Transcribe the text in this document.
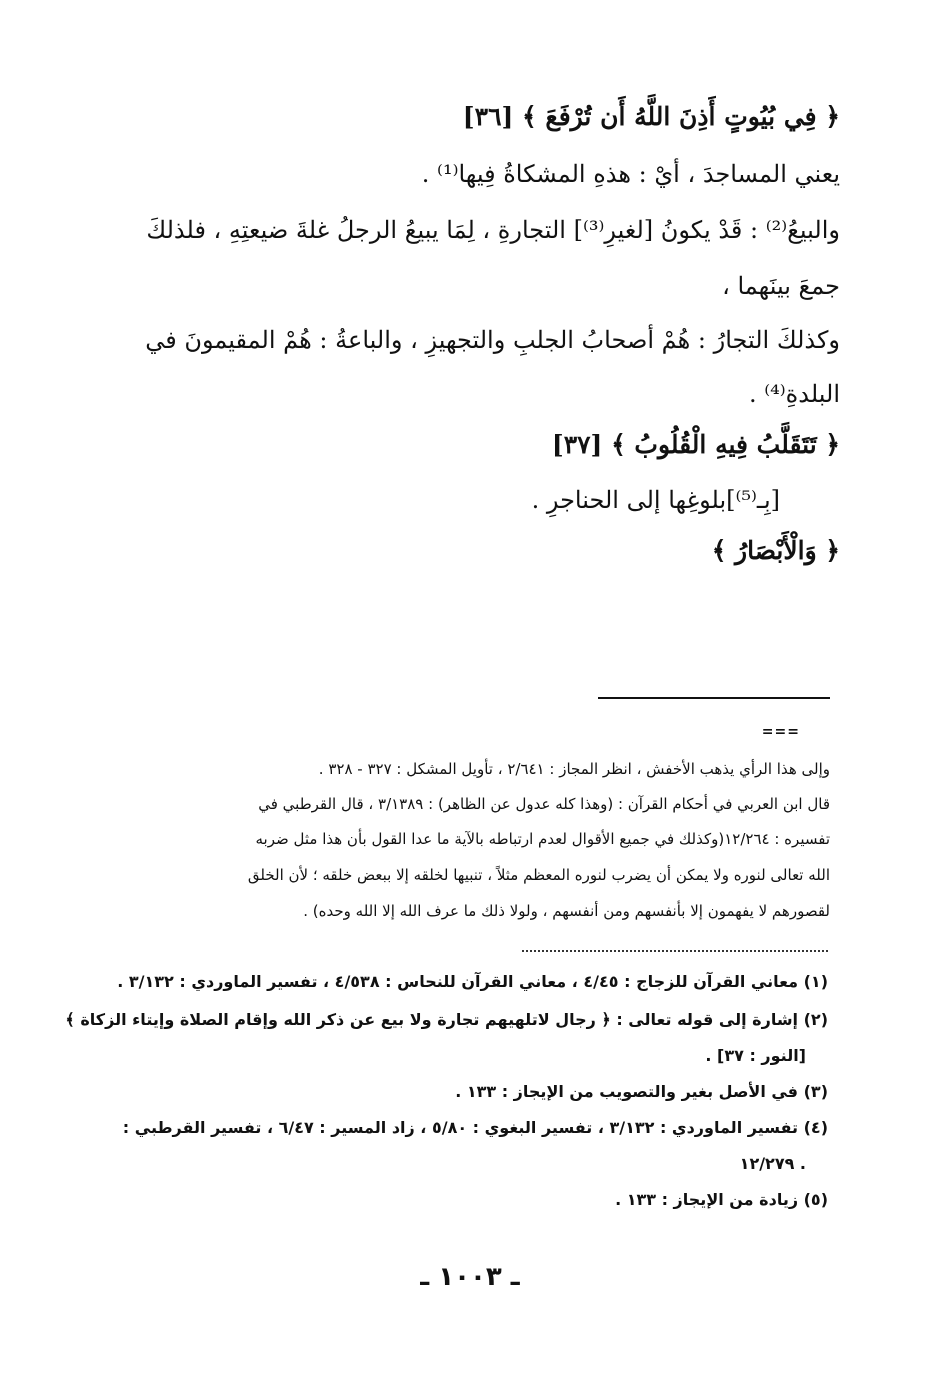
﴿ فِي بُيُوتٍ أَذِنَ اللَّهُ أَن تُرْفَعَ ﴾ [٣٦]
يعني المساجدَ ، أيْ : هذهِ المشكاةُ فِيها⁽¹⁾ .
والبيعُ⁽²⁾ : قَدْ يكونُ [لغيرِ⁽³⁾] التجارةِ ، لِمَا يبيعُ الرجلُ غلةَ ضيعتِهِ ، فلذلكَ
جمعَ بينَهما ،
وكذلكَ التجارُ : هُمْ أصحابُ الجلبِ والتجهيزِ ، والباعةُ : هُمْ المقيمونَ في
البلدةِ⁽⁴⁾ .
﴿ تَتَقَلَّبُ فِيهِ الْقُلُوبُ ﴾ [٣٧]
[بِـ⁽⁵⁾]بلوغِها إلى الحناجرِ .
﴿ وَالْأَبْصَارُ ﴾
===
وإلى هذا الرأي يذهب الأخفش ، انظر المجاز : ٢/٦٤١ ، تأويل المشكل : ٣٢٧ - ٣٢٨ .
قال ابن العربي في أحكام القرآن : (وهذا كله عدول عن الظاهر) : ٣/١٣٨٩ ، قال القرطبي في
تفسيره : ١٢/٢٦٤(وكذلك في جميع الأقوال لعدم ارتباطه بالآية ما عدا القول بأن هذا مثل ضربه
الله تعالى لنوره ولا يمكن أن يضرب لنوره المعظم مثلاً ، تنبيها لخلقه إلا ببعض خلقه ؛ لأن الخلق
لقصورهم لا يفهمون إلا بأنفسهم ومن أنفسهم ، ولولا ذلك ما عرف الله إلا الله وحده) .
(١) معاني القرآن للزجاج : ٤/٤٥ ، معاني القرآن للنحاس : ٤/٥٣٨ ، تفسير الماوردي : ٣/١٣٢ .
(٢) إشارة إلى قوله تعالى : ﴿ رجال لاتلهيهم تجارة ولا بيع عن ذكر الله وإقام الصلاة وإيتاء الزكاة ﴾
[النور : ٣٧] .
(٣) في الأصل بغير والتصويب من الإيجاز : ١٣٣ .
(٤) تفسير الماوردي : ٣/١٣٢ ، تفسير البغوي : ٥/٨٠ ، زاد المسير : ٦/٤٧ ، تفسير القرطبي :
١٢/٢٧٩ .
(٥) زيادة من الإيجاز : ١٣٣ .
ـ ١٠٠٣ ـ
